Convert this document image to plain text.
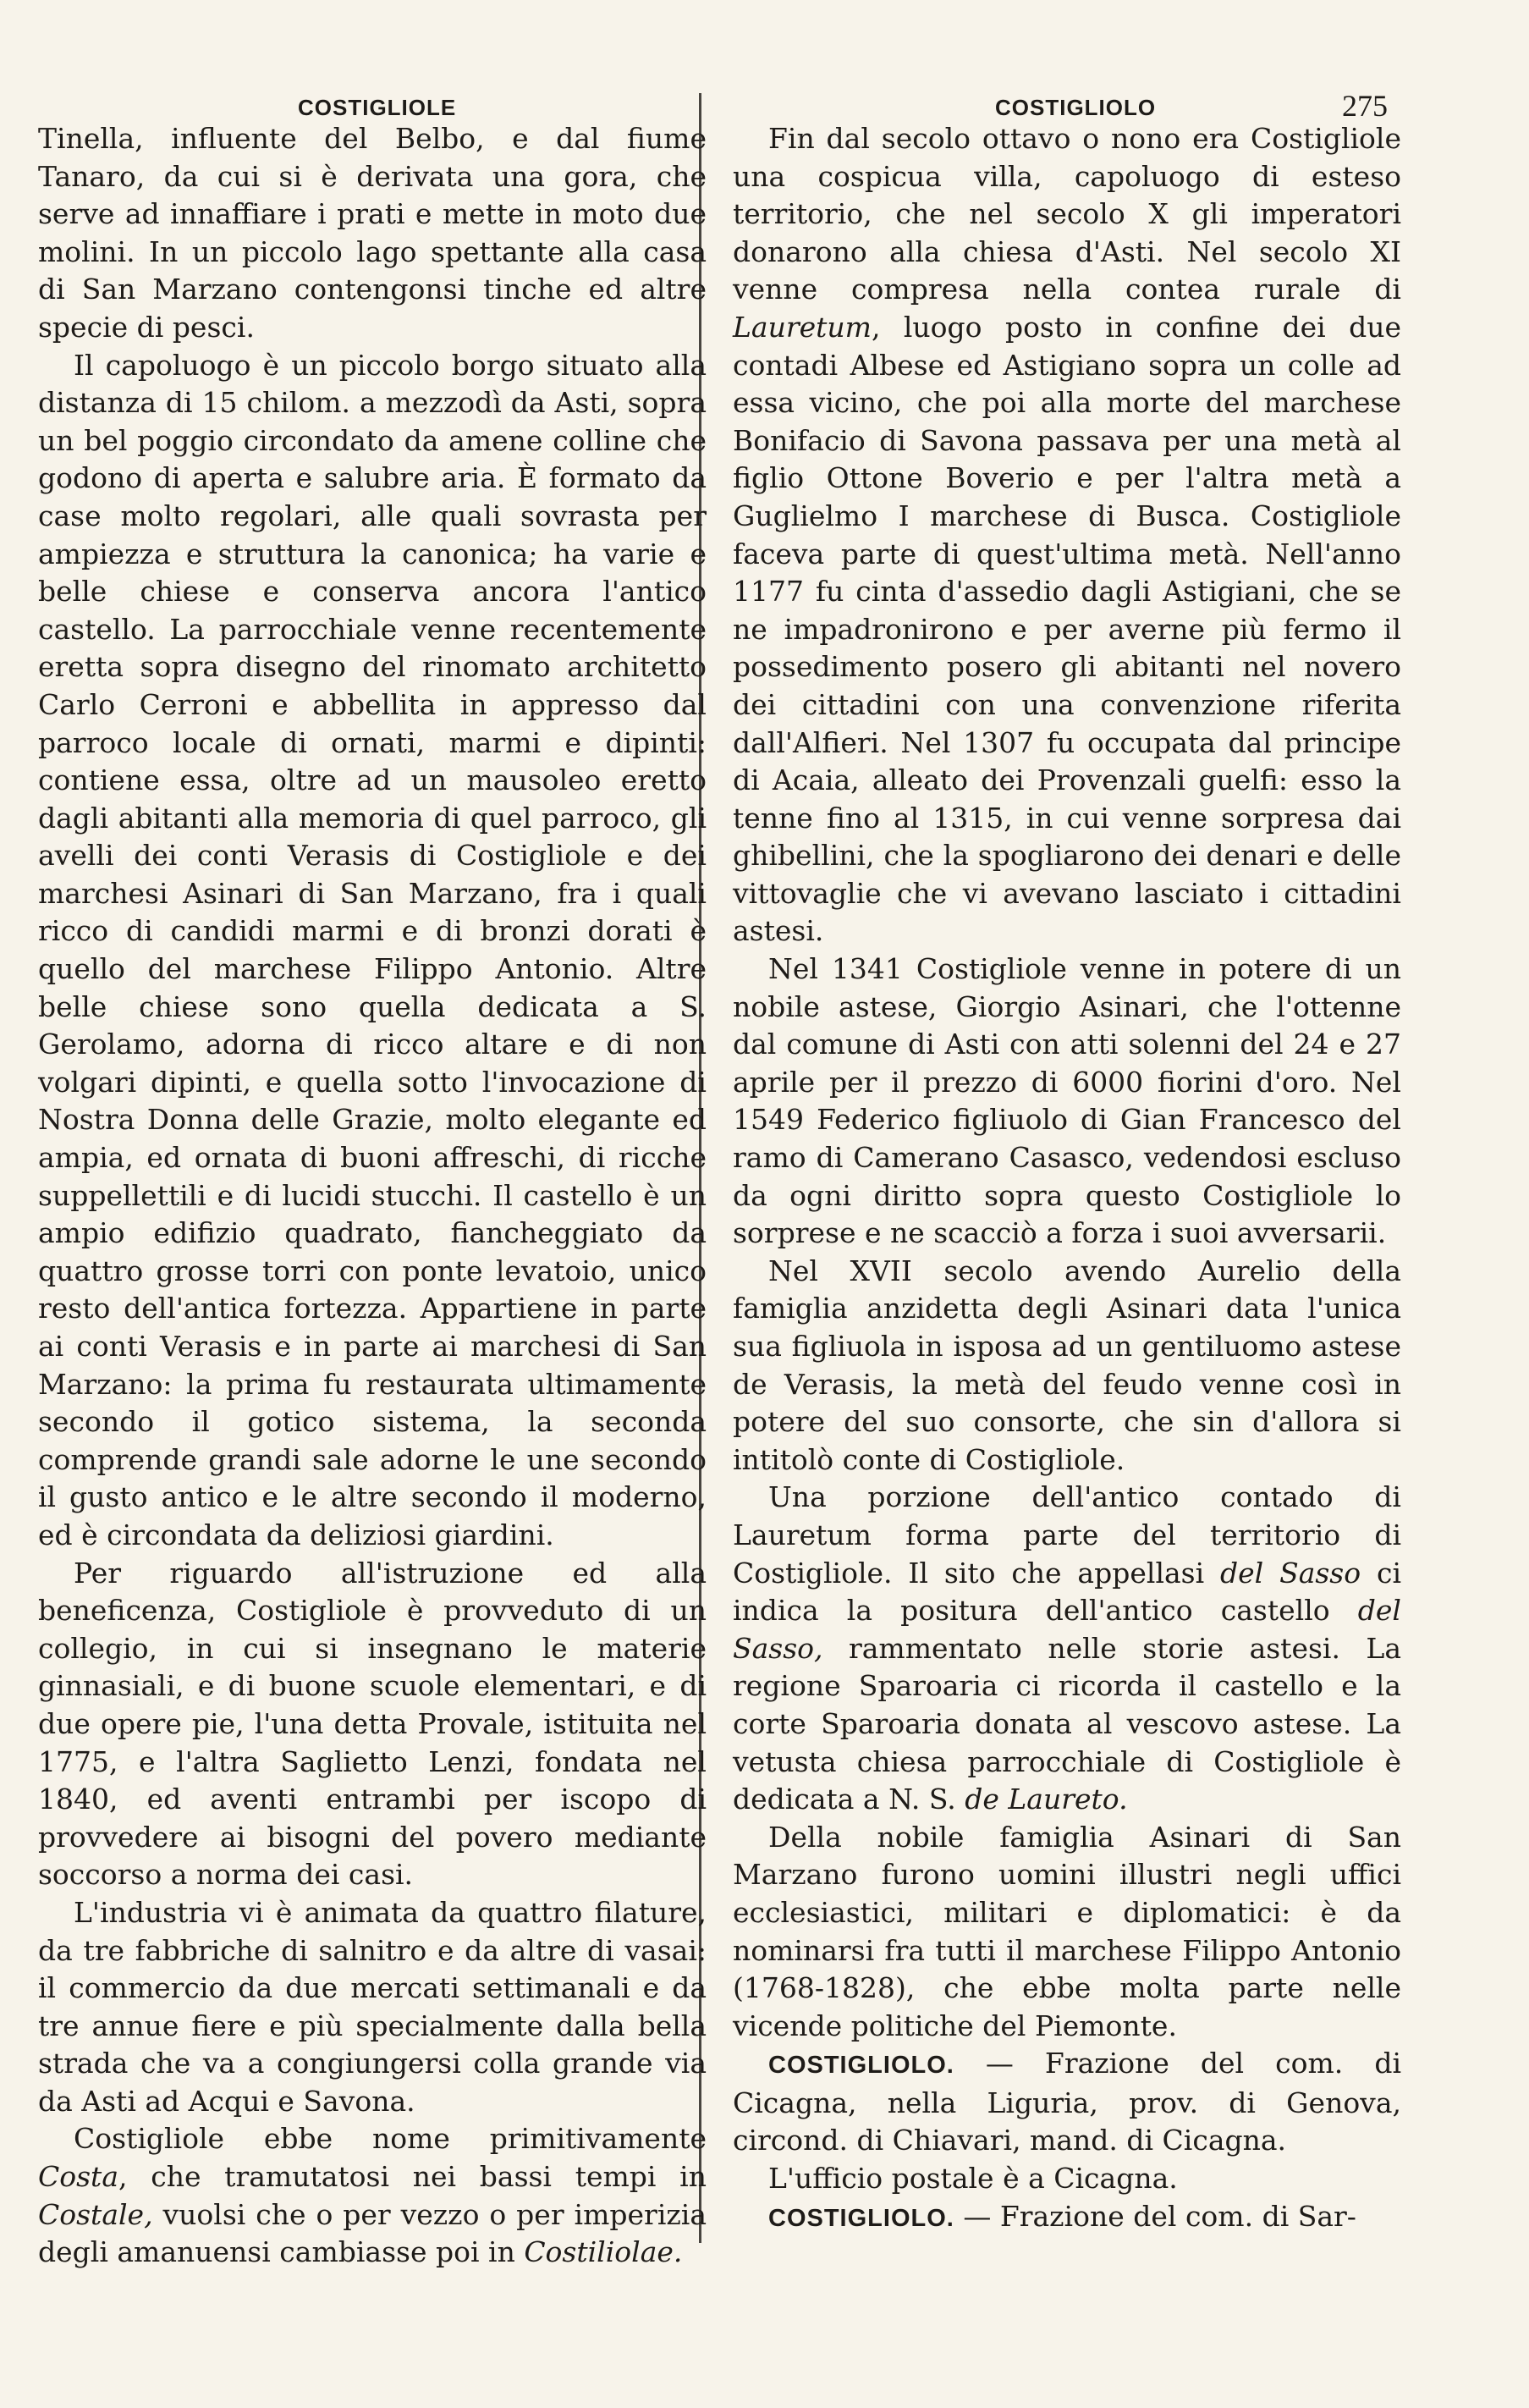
COSTIGLIOLE	COSTIGLIOLO	275

Tinella, influente del Belbo, e dal fiume Tanaro, da cui si è derivata una gora, che serve ad innaffiare i prati e mette in moto due molini. In un piccolo lago spettante alla casa di San Marzano contengonsi tinche ed altre specie di pesci.

Il capoluogo è un piccolo borgo situato alla distanza di 15 chilom. a mezzodì da Asti, sopra un bel poggio circondato da amene colline che godono di aperta e salubre aria. È formato da case molto regolari, alle quali sovrasta per ampiezza e struttura la canonica; ha varie e belle chiese e conserva ancora l'antico castello. La parrocchiale venne recentemente eretta sopra disegno del rinomato architetto Carlo Cerroni e abbellita in appresso dal parroco locale di ornati, marmi e dipinti: contiene essa, oltre ad un mausoleo eretto dagli abitanti alla memoria di quel parroco, gli avelli dei conti Verasis di Costigliole e dei marchesi Asinari di San Marzano, fra i quali ricco di candidi marmi e di bronzi dorati è quello del marchese Filippo Antonio. Altre belle chiese sono quella dedicata a S. Gerolamo, adorna di ricco altare e di non volgari dipinti, e quella sotto l'invocazione di Nostra Donna delle Grazie, molto elegante ed ampia, ed ornata di buoni affreschi, di ricche suppellettili e di lucidi stucchi. Il castello è un ampio edifizio quadrato, fiancheggiato da quattro grosse torri con ponte levatoio, unico resto dell'antica fortezza. Appartiene in parte ai conti Verasis e in parte ai marchesi di San Marzano: la prima fu restaurata ultimamente secondo il gotico sistema, la seconda comprende grandi sale adorne le une secondo il gusto antico e le altre secondo il moderno, ed è circondata da deliziosi giardini.

Per riguardo all'istruzione ed alla beneficenza, Costigliole è provveduto di un collegio, in cui si insegnano le materie ginnasiali, e di buone scuole elementari, e di due opere pie, l'una detta Provale, istituita nel 1775, e l'altra Saglietto Lenzi, fondata nel 1840, ed aventi entrambi per iscopo di provvedere ai bisogni del povero mediante soccorso a norma dei casi.

L'industria vi è animata da quattro filature, da tre fabbriche di salnitro e da altre di vasai: il commercio da due mercati settimanali e da tre annue fiere e più specialmente dalla bella strada che va a congiungersi colla grande via da Asti ad Acqui e Savona.

Costigliole ebbe nome primitivamente Costa, che tramutatosi nei bassi tempi in Costale, vuolsi che o per vezzo o per imperizia degli amanuensi cambiasse poi in Costiliolae.

Fin dal secolo ottavo o nono era Costigliole una cospicua villa, capoluogo di esteso territorio, che nel secolo X gli imperatori donarono alla chiesa d'Asti. Nel secolo XI venne compresa nella contea rurale di Lauretum, luogo posto in confine dei due contadi Albese ed Astigiano sopra un colle ad essa vicino, che poi alla morte del marchese Bonifacio di Savona passava per una metà al figlio Ottone Boverio e per l'altra metà a Guglielmo I marchese di Busca. Costigliole faceva parte di quest'ultima metà. Nell'anno 1177 fu cinta d'assedio dagli Astigiani, che se ne impadronirono e per averne più fermo il possedimento posero gli abitanti nel novero dei cittadini con una convenzione riferita dall'Alfieri. Nel 1307 fu occupata dal principe di Acaia, alleato dei Provenzali guelfi: esso la tenne fino al 1315, in cui venne sorpresa dai ghibellini, che la spogliarono dei denari e delle vittovaglie che vi avevano lasciato i cittadini astesi.

Nel 1341 Costigliole venne in potere di un nobile astese, Giorgio Asinari, che l'ottenne dal comune di Asti con atti solenni del 24 e 27 aprile per il prezzo di 6000 fiorini d'oro. Nel 1549 Federico figliuolo di Gian Francesco del ramo di Camerano Casasco, vedendosi escluso da ogni diritto sopra questo Costigliole lo sorprese e ne scacciò a forza i suoi avversarii.

Nel XVII secolo avendo Aurelio della famiglia anzidetta degli Asinari data l'unica sua figliuola in isposa ad un gentiluomo astese de Verasis, la metà del feudo venne così in potere del suo consorte, che sin d'allora si intitolò conte di Costigliole.

Una porzione dell'antico contado di Lauretum forma parte del territorio di Costigliole. Il sito che appellasi del Sasso ci indica la positura dell'antico castello del Sasso, rammentato nelle storie astesi. La regione Sparoaria ci ricorda il castello e la corte Sparoaria donata al vescovo astese. La vetusta chiesa parrocchiale di Costigliole è dedicata a N. S. de Laureto.

Della nobile famiglia Asinari di San Marzano furono uomini illustri negli uffici ecclesiastici, militari e diplomatici: è da nominarsi fra tutti il marchese Filippo Antonio (1768-1828), che ebbe molta parte nelle vicende politiche del Piemonte.

COSTIGLIOLO. — Frazione del com. di Cicagna, nella Liguria, prov. di Genova, circond. di Chiavari, mand. di Cicagna.

L'ufficio postale è a Cicagna.

COSTIGLIOLO. — Frazione del com. di Sar-
